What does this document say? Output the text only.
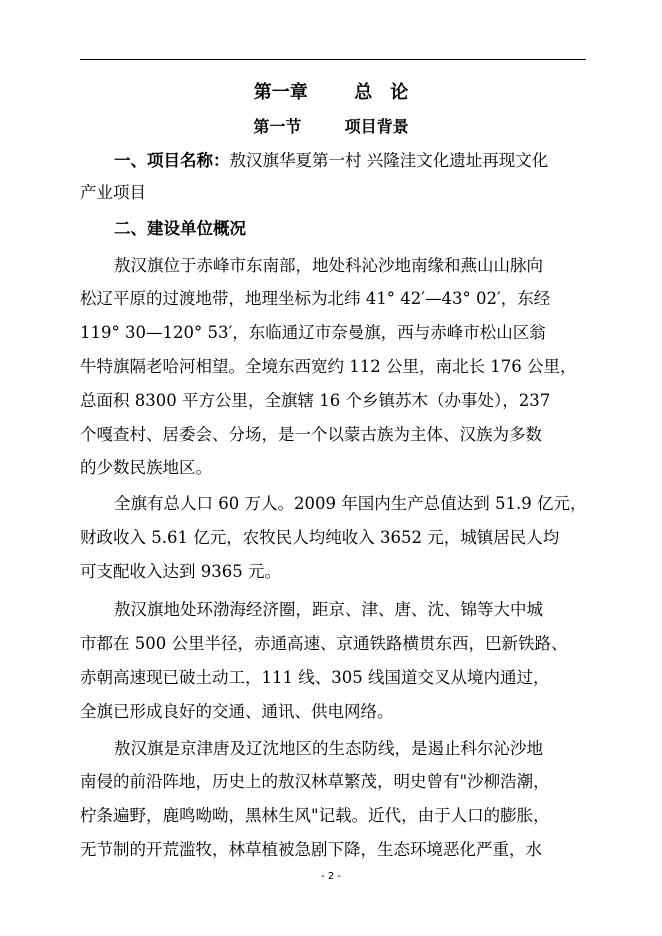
第一章	总　论
第一节	项目背景
一、项目名称：敖汉旗华夏第一村 兴隆洼文化遗址再现文化
产业项目
二、建设单位概况
敖汉旗位于赤峰市东南部，地处科沁沙地南缘和燕山山脉向
松辽平原的过渡地带，地理坐标为北纬 41° 42′—43° 02′，东经
119° 30—120° 53′，东临通辽市奈曼旗，西与赤峰市松山区翁
牛特旗隔老哈河相望。全境东西宽约 112 公里，南北长 176 公里，
总面积 8300 平方公里，全旗辖 16 个乡镇苏木（办事处），237
个嘎查村、居委会、分场，是一个以蒙古族为主体、汉族为多数
的少数民族地区。
全旗有总人口 60 万人。2009 年国内生产总值达到 51.9 亿元，
财政收入 5.61 亿元，农牧民人均纯收入 3652 元，城镇居民人均
可支配收入达到 9365 元。
敖汉旗地处环渤海经济圈，距京、津、唐、沈、锦等大中城
市都在 500 公里半径，赤通高速、京通铁路横贯东西，巴新铁路、
赤朝高速现已破土动工，111 线、305 线国道交叉从境内通过，
全旗已形成良好的交通、通讯、供电网络。
敖汉旗是京津唐及辽沈地区的生态防线，是遏止科尔沁沙地
南侵的前沿阵地，历史上的敖汉林草繁茂，明史曾有"沙柳浩潮，
柠条遍野，鹿鸣呦呦，黑林生风"记载。近代，由于人口的膨胀，
无节制的开荒滥牧，林草植被急剧下降，生态环境恶化严重，水
- 2 -
